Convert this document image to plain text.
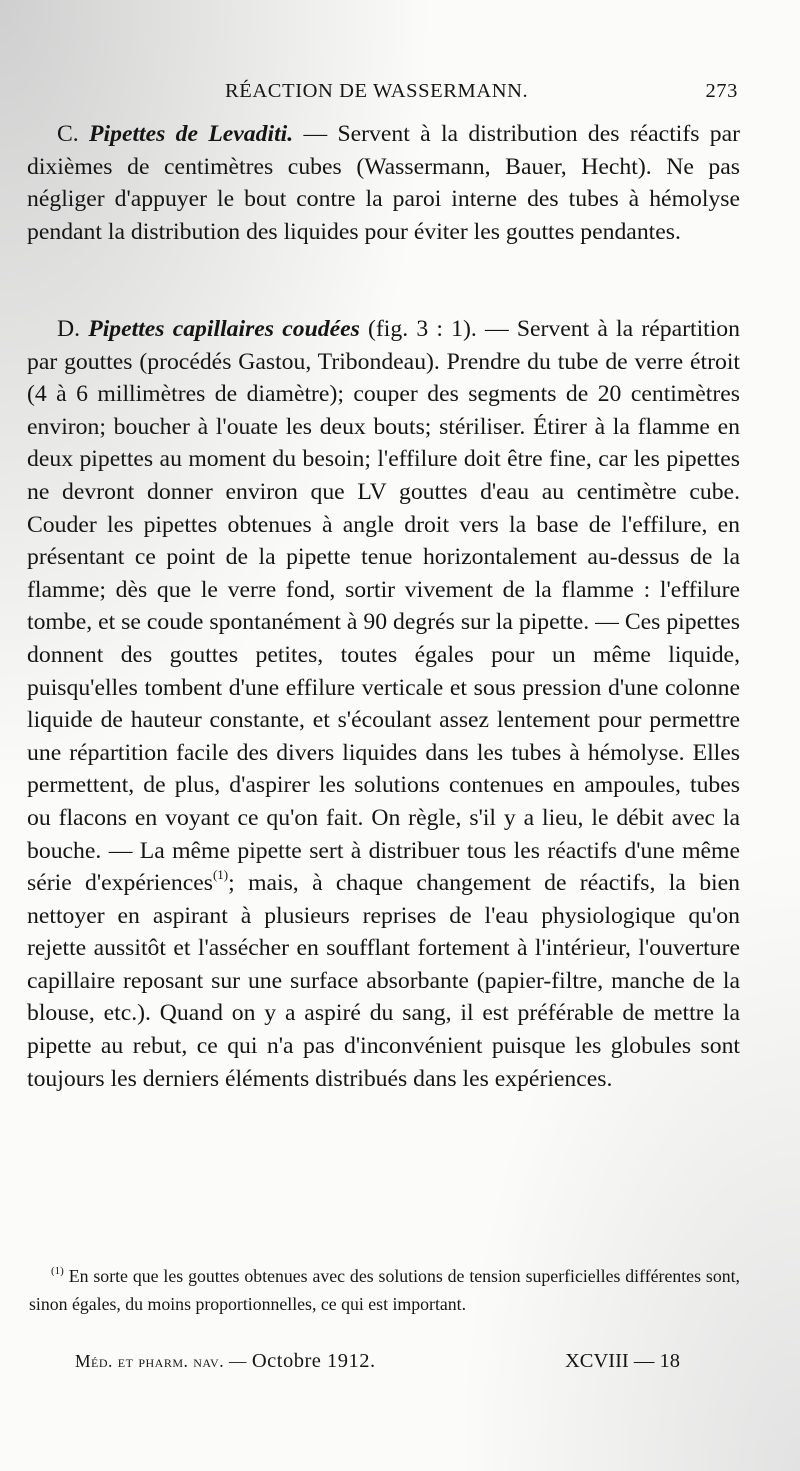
RÉACTION DE WASSERMANN.	273

C. Pipettes de Levaditi. — Servent à la distribution des réactifs par dixièmes de centimètres cubes (Wassermann, Bauer, Hecht). Ne pas négliger d'appuyer le bout contre la paroi interne des tubes à hémolyse pendant la distribution des liquides pour éviter les gouttes pendantes.

D. Pipettes capillaires coudées (fig. 3 : 1). — Servent à la répartition par gouttes (procédés Gastou, Tribondeau). Prendre du tube de verre étroit (4 à 6 millimètres de diamètre); couper des segments de 20 centimètres environ; boucher à l'ouate les deux bouts; stériliser. Étirer à la flamme en deux pipettes au moment du besoin; l'effilure doit être fine, car les pipettes ne devront donner environ que LV gouttes d'eau au centimètre cube. Couder les pipettes obtenues à angle droit vers la base de l'effilure, en présentant ce point de la pipette tenue horizontalement au-dessus de la flamme; dès que le verre fond, sortir vivement de la flamme : l'effilure tombe, et se coude spontanément à 90 degrés sur la pipette. — Ces pipettes donnent des gouttes petites, toutes égales pour un même liquide, puisqu'elles tombent d'une effilure verticale et sous pression d'une colonne liquide de hauteur constante, et s'écoulant assez lentement pour permettre une répartition facile des divers liquides dans les tubes à hémolyse. Elles permettent, de plus, d'aspirer les solutions contenues en ampoules, tubes ou flacons en voyant ce qu'on fait. On règle, s'il y a lieu, le débit avec la bouche. — La même pipette sert à distribuer tous les réactifs d'une même série d'expériences$^{(1)}$; mais, à chaque changement de réactifs, la bien nettoyer en aspirant à plusieurs reprises de l'eau physiologique qu'on rejette aussitôt et l'assécher en soufflant fortement à l'intérieur, l'ouverture capillaire reposant sur une surface absorbante (papier-filtre, manche de la blouse, etc.). Quand on y a aspiré du sang, il est préférable de mettre la pipette au rebut, ce qui n'a pas d'inconvénient puisque les globules sont toujours les derniers éléments distribués dans les expériences.

$^{(1)}$ En sorte que les gouttes obtenues avec des solutions de tension superficielles différentes sont, sinon égales, du moins proportionnelles, ce qui est important.

Méd. et pharm. nav. — Octobre 1912.	XCVIII — 18
